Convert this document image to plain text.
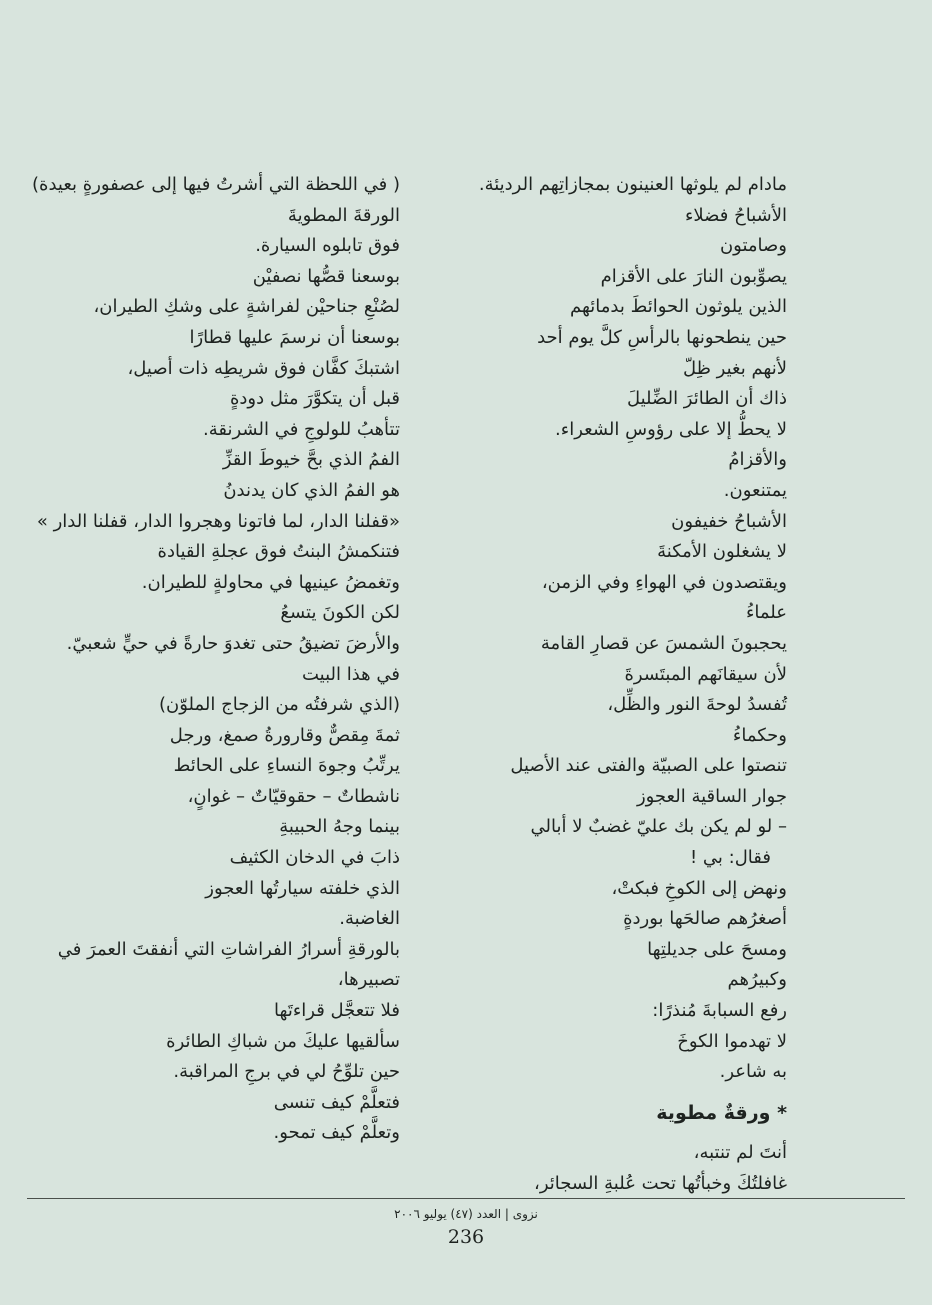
مادام لم يلوثها العنينون بمجازاتِهم الرديئة.
الأشباحُ فضلاء
وصامتون
يصوِّبون النارَ على الأقزام
الذين يلوثون الحوائطَ بدمائهم
حين ينطحونها بالرأسِ كلَّ يوم أحد
لأنهم بغير ظِلّ
ذاك أن الطائرَ الضِّليلَ
لا يحطُّ إلا على رؤوسِ الشعراء.
والأقزامُ
يمتنعون.
الأشباحُ خفيفون
لا يشغلون الأمكنةَ
ويقتصدون في الهواءِ وفي الزمن،
علماءُ
يحجبونَ الشمسَ عن قصارِ القامة
لأن سيقانَهم المبتَسرةَ
تُفسدُ لوحةَ النور والظِّل،
وحكماءُ
تنصتوا على الصبيّة والفتى عند الأصيل
جوار الساقية العجوز
– لو لم يكن بك عليّ غضبٌ لا أبالي
فقال: بي !
ونهض إلى الكوخِ فبكتْ،
أصغرُهم صالحَها بوردةٍ
ومسحَ على جديلتِها
وكبيرُهم
رفع السبابةَ مُنذرًا:
لا تهدموا الكوخَ
به شاعر.
* ورقةٌ مطوية
أنتَ لم تنتبه،
غافلتُكَ وخبأتُها تحت عُلبةِ السجائر،
( في اللحظة التي أشرتُ فيها إلى عصفورةٍ بعيدة)
الورقةَ المطويةَ
فوق تابلوه السيارة.
بوسعنا قصُّها نصفيْن
لصُنْعِ جناحيْن لفراشةٍ على وشكِ الطيران،
بوسعنا أن نرسمَ عليها قطارًا
اشتبكَ كفَّان فوق شريطِه ذات أصيل،
قبل أن يتكوَّرَ مثل دودةٍ
تتأهبُ للولوجِ في الشرنقة.
الفمُ الذي بحَّ خيوطَ القزِّ
هو الفمُ الذي كان يدندنُ
«قفلنا الدار، لما فاتونا وهجروا الدار، قفلنا الدار »
فتنكمشُ البنتُ فوق عجلةِ القيادة
وتغمضُ عينيها في محاولةٍ للطيران.
لكن الكونَ يتسعُ
والأرضَ تضيقُ حتى تغدوَ حارةً في حيٍّ شعبيّ.
في هذا البيت
(الذي شرفتُه من الزجاج الملوّن)
ثمةَ مِقصٌّ وقارورةُ صمغ، ورجل
يرتِّبُ وجوهَ النساءِ على الحائط
ناشطاتٌ – حقوقيّاتٌ – غوانٍ،
بينما وجهُ الحبيبةِ
ذابَ في الدخان الكثيف
الذي خلفته سيارتُها العجوز
الغاضبة.
بالورقةِ أسرارُ الفراشاتِ التي أنفقتَ العمرَ في
تصبيرها،
فلا تتعجَّل قراءتَها
سألقيها عليكَ من شباكِ الطائرة
حين تلوِّحُ لي في برجِ المراقبة.
فتعلَّمْ كيف تنسى
وتعلَّمْ كيف تمحو.
نزوى | العدد (٤٧) يوليو ٢٠٠٦
236
